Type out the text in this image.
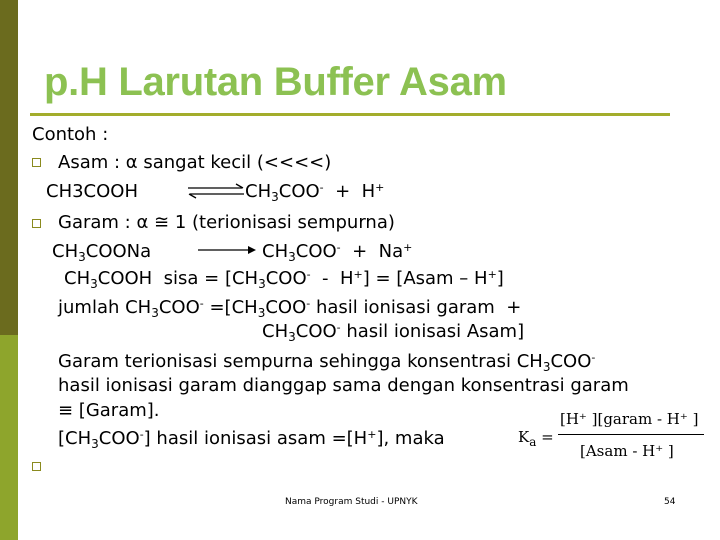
p.H Larutan Buffer Asam
Contoh :
Asam : α sangat kecil (<<<<)
CH3COOH	⇌ $CH_3COO^- + H^+$
Garam : α ≅ 1 (terionisasi sempurna)
$CH_3COONa$	$CH_3COO^- + Na^+$
$CH_3COOH$  sisa = $[CH_3COO^- - H^+]$ = [Asam – H+]
jumlah $CH_3COO^- =[CH_3COO^-$ hasil ionisasi garam  +
$CH_3COO^-$ hasil ionisasi Asam]
Garam terionisasi sempurna sehingga konsentrasi $CH_3COO^-$
hasil ionisasi garam dianggap sama dengan konsentrasi garam
≡ [Garam].
$[CH_3COO^-]$ hasil ionisasi asam =[H+], maka	$K_a$ =
[H⁺ ][garam - H⁺ ]
[Asam - H⁺ ]
Nama Program Studi - UPNYK	54
